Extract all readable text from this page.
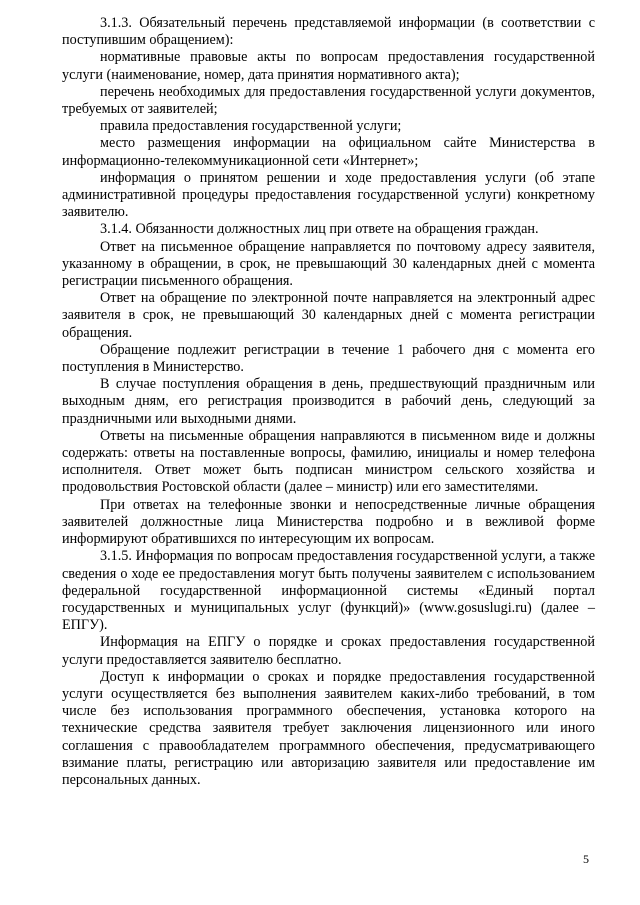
3.1.3. Обязательный перечень представляемой информации (в соответствии с поступившим обращением):

нормативные правовые акты по вопросам предоставления государственной услуги (наименование, номер, дата принятия нормативного акта);

перечень необходимых для предоставления государственной услуги документов, требуемых от заявителей;

правила предоставления государственной услуги;

место размещения информации на официальном сайте Министерства в информационно-телекоммуникационной сети «Интернет»;

информация о принятом решении и ходе предоставления услуги (об этапе административной процедуры предоставления государственной услуги) конкретному заявителю.

3.1.4. Обязанности должностных лиц при ответе на обращения граждан.

Ответ на письменное обращение направляется по почтовому адресу заявителя, указанному в обращении, в срок, не превышающий 30 календарных дней с момента регистрации письменного обращения.

Ответ на обращение по электронной почте направляется на электронный адрес заявителя в срок, не превышающий 30 календарных дней с момента регистрации обращения.

Обращение подлежит регистрации в течение 1 рабочего дня с момента его поступления в Министерство.

В случае поступления обращения в день, предшествующий праздничным или выходным дням, его регистрация производится в рабочий день, следующий за праздничными или выходными днями.

Ответы на письменные обращения направляются в письменном виде и должны содержать: ответы на поставленные вопросы, фамилию, инициалы и номер телефона исполнителя. Ответ может быть подписан министром сельского хозяйства и продовольствия Ростовской области (далее – министр) или его заместителями.

При ответах на телефонные звонки и непосредственные личные обращения заявителей должностные лица Министерства подробно и в вежливой форме информируют обратившихся по интересующим их вопросам.

3.1.5. Информация по вопросам предоставления государственной услуги, а также сведения о ходе ее предоставления могут быть получены заявителем с использованием федеральной государственной информационной системы «Единый портал государственных и муниципальных услуг (функций)» (www.gosuslugi.ru) (далее – ЕПГУ).

Информация на ЕПГУ о порядке и сроках предоставления государственной услуги предоставляется заявителю бесплатно.

Доступ к информации о сроках и порядке предоставления государственной услуги осуществляется без выполнения заявителем каких-либо требований, в том числе без использования программного обеспечения, установка которого на технические средства заявителя требует заключения лицензионного или иного соглашения с правообладателем программного обеспечения, предусматривающего взимание платы, регистрацию или авторизацию заявителя или предоставление им персональных данных.

5
